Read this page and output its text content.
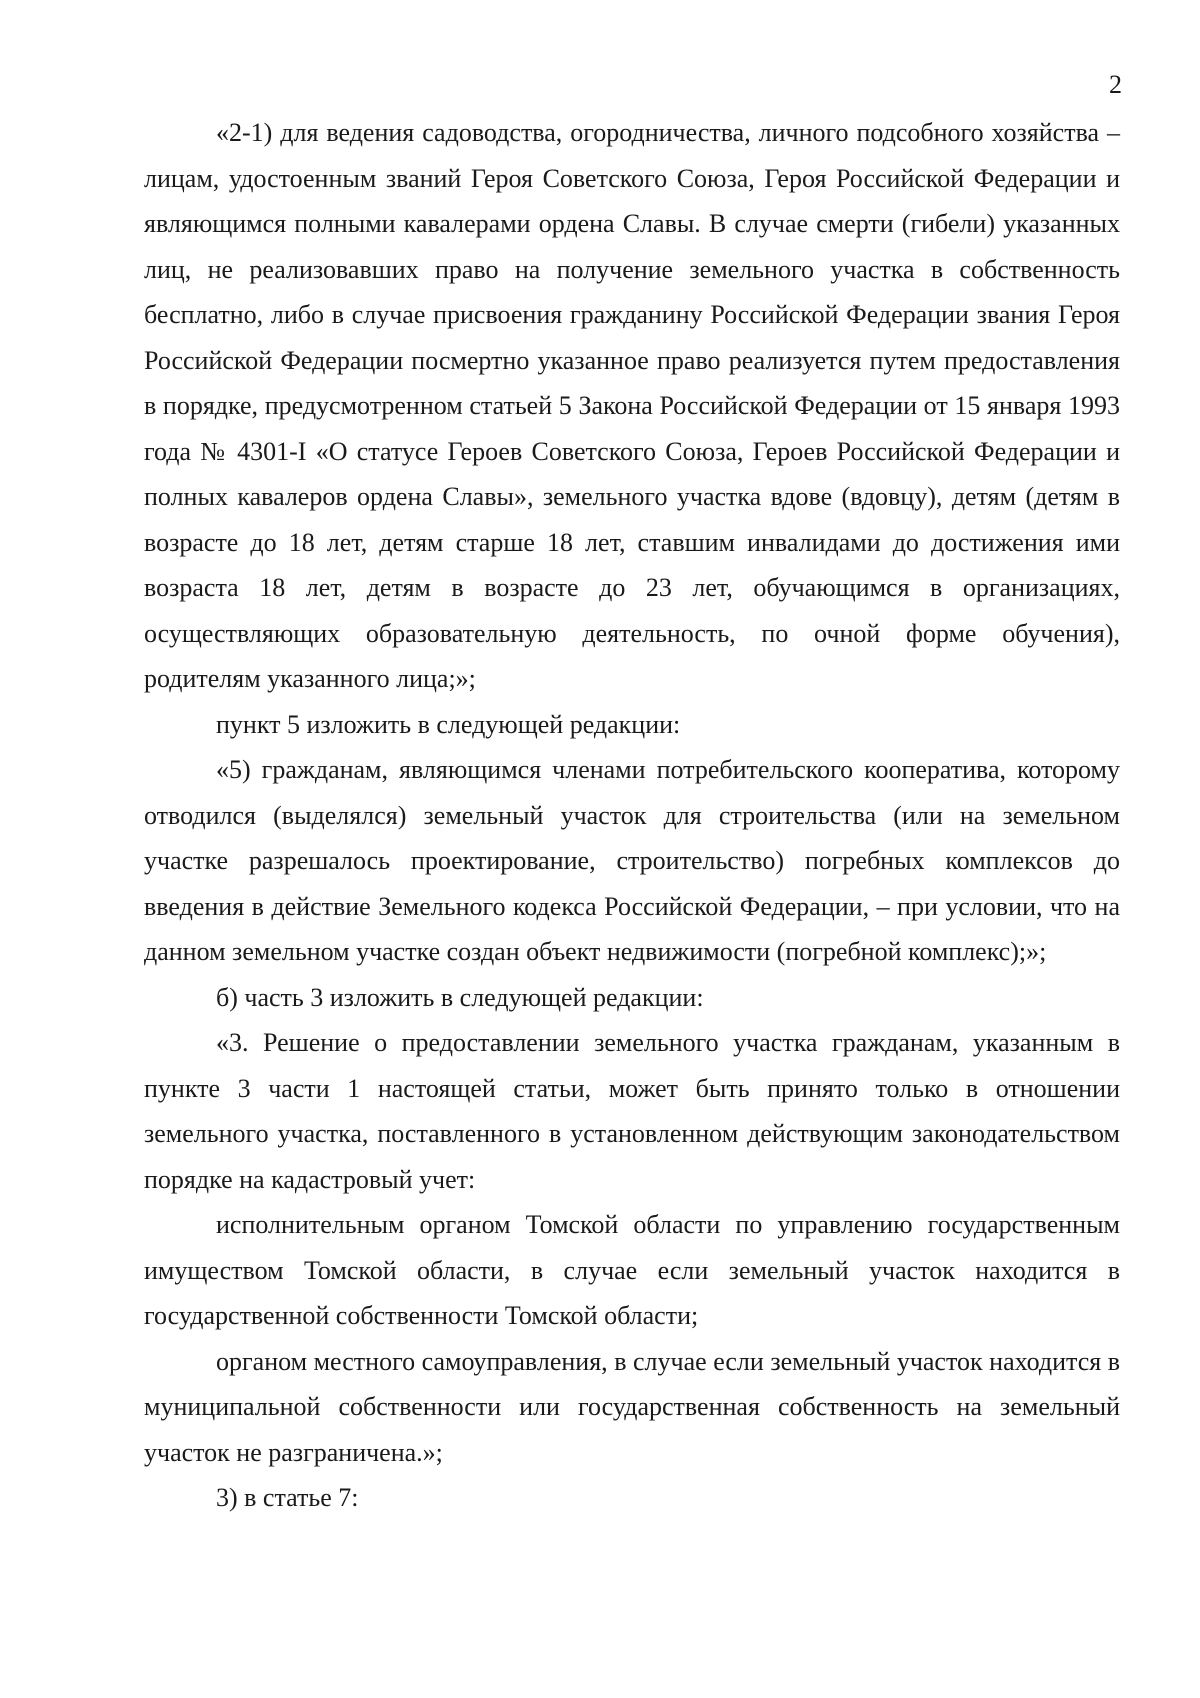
2

«2-1) для ведения садоводства, огородничества, личного подсобного хозяйства – лицам, удостоенным званий Героя Советского Союза, Героя Российской Федерации и являющимся полными кавалерами ордена Славы. В случае смерти (гибели) указанных лиц, не реализовавших право на получение земельного участка в собственность бесплатно, либо в случае присвоения гражданину Российской Федерации звания Героя Российской Федерации посмертно указанное право реализуется путем предоставления в порядке, предусмотренном статьей 5 Закона Российской Федерации от 15 января 1993 года № 4301-I «О статусе Героев Советского Союза, Героев Российской Федерации и полных кавалеров ордена Славы», земельного участка вдове (вдовцу), детям (детям в возрасте до 18 лет, детям старше 18 лет, ставшим инвалидами до достижения ими возраста 18 лет, детям в возрасте до 23 лет, обучающимся в организациях, осуществляющих образовательную деятельность, по очной форме обучения), родителям указанного лица;»;

пункт 5 изложить в следующей редакции:

«5) гражданам, являющимся членами потребительского кооператива, которому отводился (выделялся) земельный участок для строительства (или на земельном участке разрешалось проектирование, строительство) погребных комплексов до введения в действие Земельного кодекса Российской Федерации, – при условии, что на данном земельном участке создан объект недвижимости (погребной комплекс);»;

б) часть 3 изложить в следующей редакции:

«3. Решение о предоставлении земельного участка гражданам, указанным в пункте 3 части 1 настоящей статьи, может быть принято только в отношении земельного участка, поставленного в установленном действующим законодательством порядке на кадастровый учет:

исполнительным органом Томской области по управлению государственным имуществом Томской области, в случае если земельный участок находится в государственной собственности Томской области;

органом местного самоуправления, в случае если земельный участок находится в муниципальной собственности или государственная собственность на земельный участок не разграничена.»;

3) в статье 7:
